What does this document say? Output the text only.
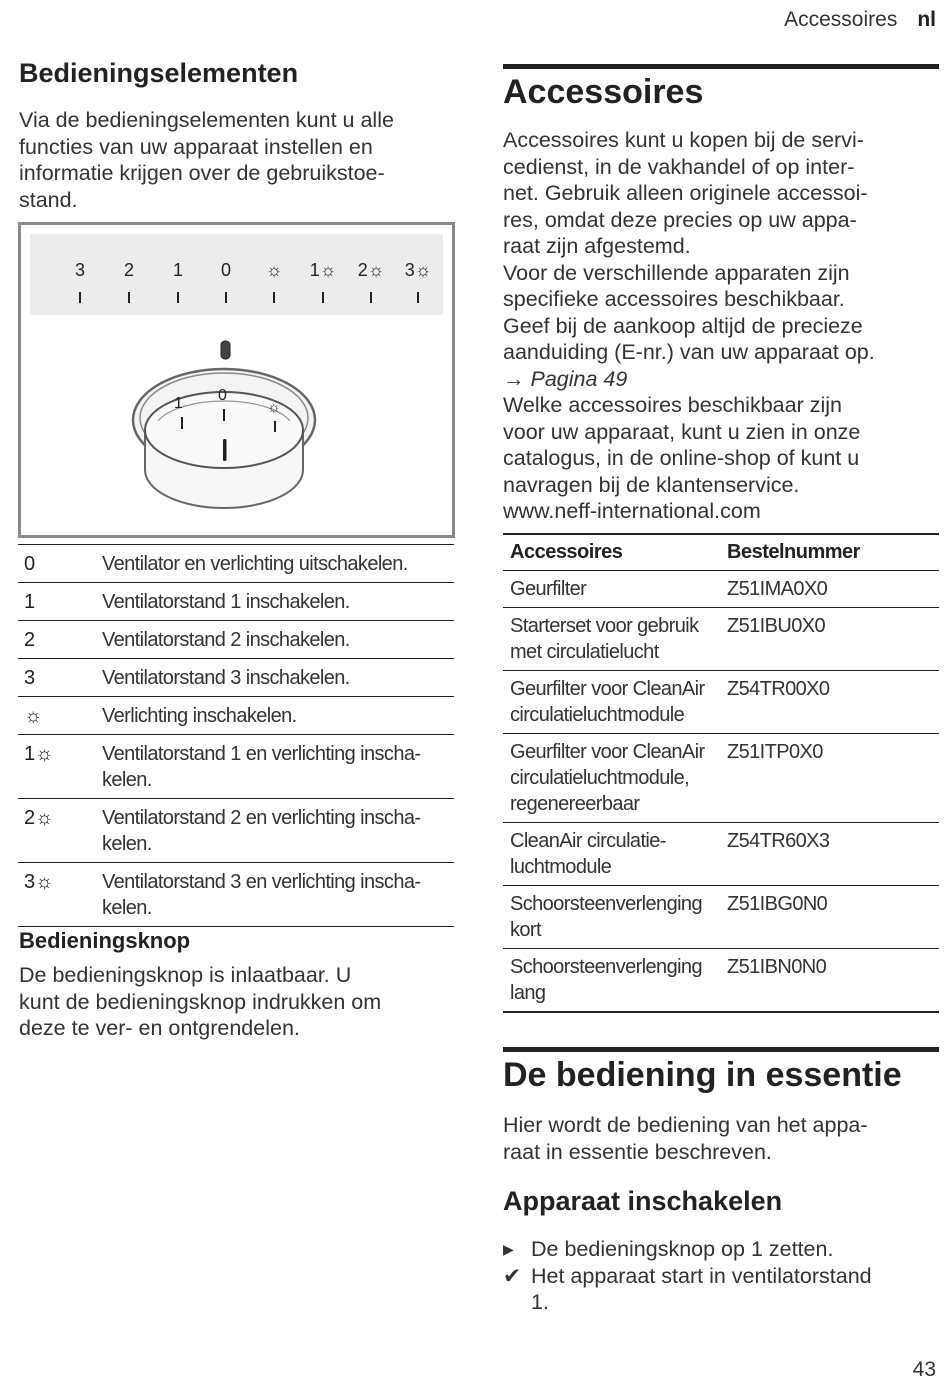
Accessoires nl
Bedieningselementen
Via de bedieningselementen kunt u alle
functies van uw apparaat instellen en
informatie krijgen over de gebruikstoe-
stand.
3	2	1	0	☼	1☼	2☼	3☼
1 0
☼
0	Ventilator en verlichting uitschakelen.

1	Ventilatorstand 1 inschakelen.

2	Ventilatorstand 2 inschakelen.

3	Ventilatorstand 3 inschakelen.

☼	Verlichting inschakelen.

1☼	Ventilatorstand 1 en verlichting inscha-
kelen.

2☼	Ventilatorstand 2 en verlichting inscha-
kelen.

3☼	Ventilatorstand 3 en verlichting inscha-
kelen.
Bedieningsknop
De bedieningsknop is inlaatbaar. U
kunt de bedieningsknop indrukken om
deze te ver- en ontgrendelen.
Accessoires
Accessoires kunt u kopen bij de servi-
cedienst, in de vakhandel of op inter-
net. Gebruik alleen originele accessoi-
res, omdat deze precies op uw appa-
raat zijn afgestemd.
Voor de verschillende apparaten zijn
specifieke accessoires beschikbaar.
Geef bij de aankoop altijd de precieze
aanduiding (E-nr.) van uw apparaat op.
→ Pagina 49
Welke accessoires beschikbaar zijn
voor uw apparaat, kunt u zien in onze
catalogus, in de online-shop of kunt u
navragen bij de klantenservice.
www.neff-international.com
Accessoires	Bestelnummer

Geurfilter	Z51IMA0X0

Starterset voor gebruik
met circulatielucht	Z51IBU0X0

Geurfilter voor CleanAir
circulatieluchtmodule	Z54TR00X0

Geurfilter voor CleanAir
circulatieluchtmodule,
regenereerbaar	Z51ITP0X0

CleanAir circulatie-
luchtmodule	Z54TR60X3

Schoorsteenverlenging
kort	Z51IBG0N0

Schoorsteenverlenging
lang	Z51IBN0N0
De bediening in essentie
Hier wordt de bediening van het appa-
raat in essentie beschreven.
Apparaat inschakelen
▸ De bedieningsknop op 1 zetten.
✔ Het apparaat start in ventilatorstand
1.
43
